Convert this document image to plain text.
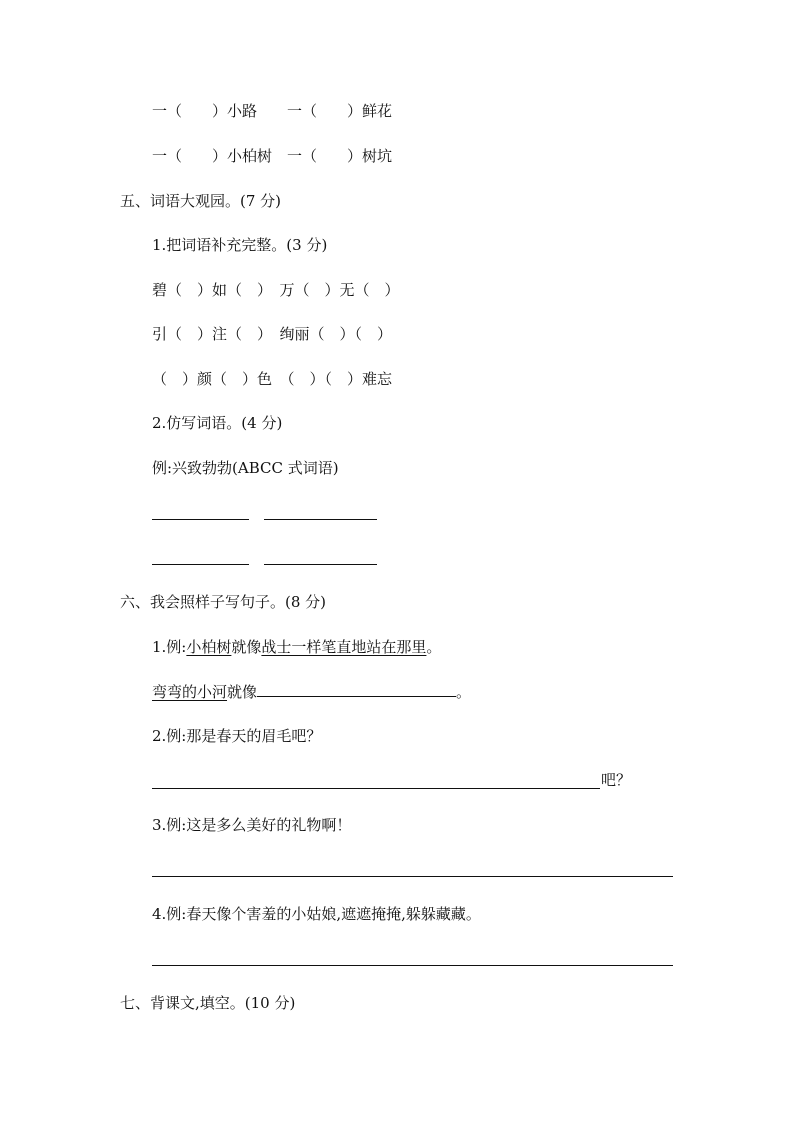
一（　　）小路　　一（　　）鲜花
一（　　）小柏树　一（　　）树坑
五、词语大观园。(7 分)
1.把词语补充完整。(3 分)
碧（　）如（　）　万（　）无（　）
引（　）注（　）　绚丽（　）（　）
（　）颜（　）色　（　）（　）难忘
2.仿写词语。(4 分)
例:兴致勃勃(ABCC 式词语)
六、我会照样子写句子。(8 分)
1.例:小柏树就像战士一样笔直地站在那里。
弯弯的小河就像	。
2.例:那是春天的眉毛吧？
吧？
3.例:这是多么美好的礼物啊！
4.例:春天像个害羞的小姑娘,遮遮掩掩,躲躲藏藏。
七、背课文,填空。(10 分)
